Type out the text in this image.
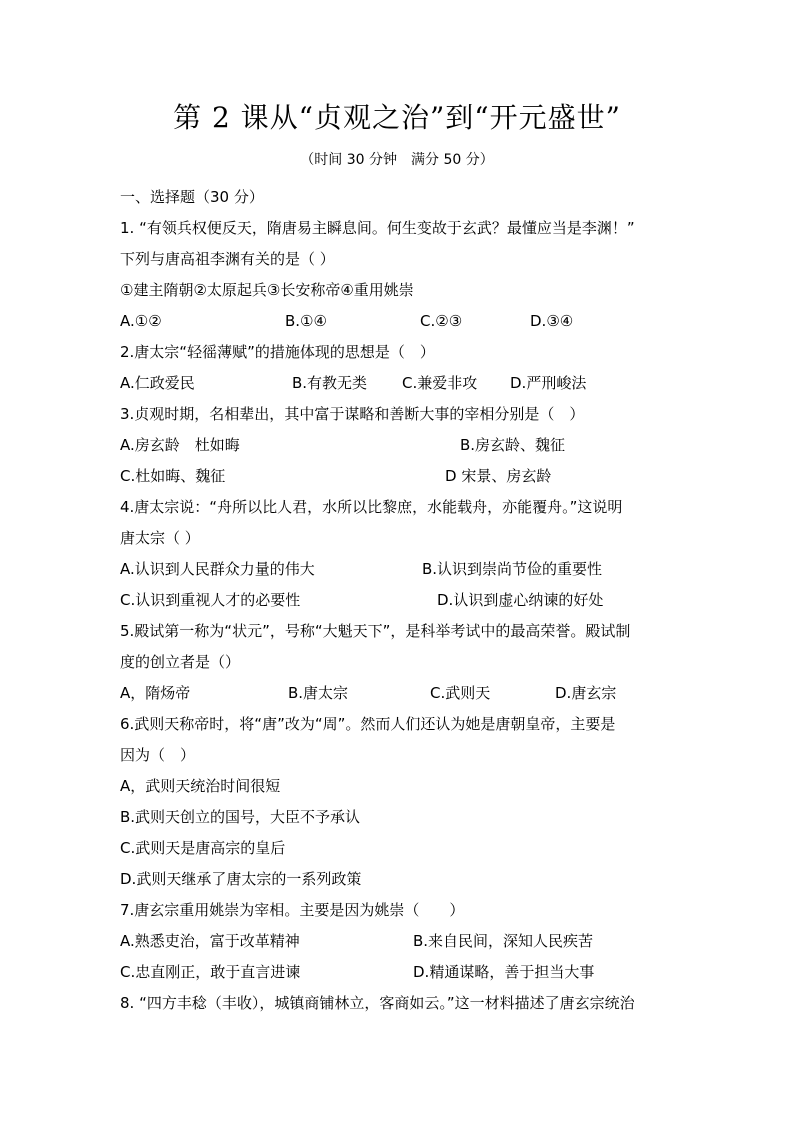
第 2 课从“贞观之治”到“开元盛世”
（时间 30 分钟　满分 50 分）
一、选择题（30 分）
1. “有领兵权便反天，隋唐易主瞬息间。何生变故于玄武？最懂应当是李渊！”
下列与唐高祖李渊有关的是（ ）
①建主隋朝②太原起兵③长安称帝④重用姚崇
A.①②	B.①④	C.②③	D.③④
2.唐太宗“轻徭薄赋”的措施体现的思想是（　）
A.仁政爱民	B.有教无类 C.兼爱非攻 D.严刑峻法
3.贞观时期，名相辈出，其中富于谋略和善断大事的宰相分别是（　）
A.房玄龄　杜如晦	B.房玄龄、魏征
C.杜如晦、魏征	D 宋景、房玄龄
4.唐太宗说：“舟所以比人君，水所以比黎庶，水能载舟，亦能覆舟。”这说明
唐太宗（ ）
A.认识到人民群众力量的伟大	B.认识到崇尚节俭的重要性
C.认识到重视人才的必要性	D.认识到虚心纳谏的好处
5.殿试第一称为“状元”，号称“大魁天下”，是科举考试中的最高荣誉。殿试制
度的创立者是（）
A，隋炀帝	B.唐太宗	C.武则天	D.唐玄宗
6.武则天称帝时，将“唐”改为“周”。然而人们还认为她是唐朝皇帝，主要是
因为（　）
A，武则天统治时间很短
B.武则天创立的国号，大臣不予承认
C.武则天是唐高宗的皇后
D.武则天继承了唐太宗的一系列政策
7.唐玄宗重用姚崇为宰相。主要是因为姚崇（　　）
A.熟悉吏治，富于改革精神	B.来自民间，深知人民疾苦
C.忠直刚正，敢于直言进谏	D.精通谋略，善于担当大事
8. “四方丰稔（丰收），城镇商铺林立，客商如云。”这一材料描述了唐玄宗统治
